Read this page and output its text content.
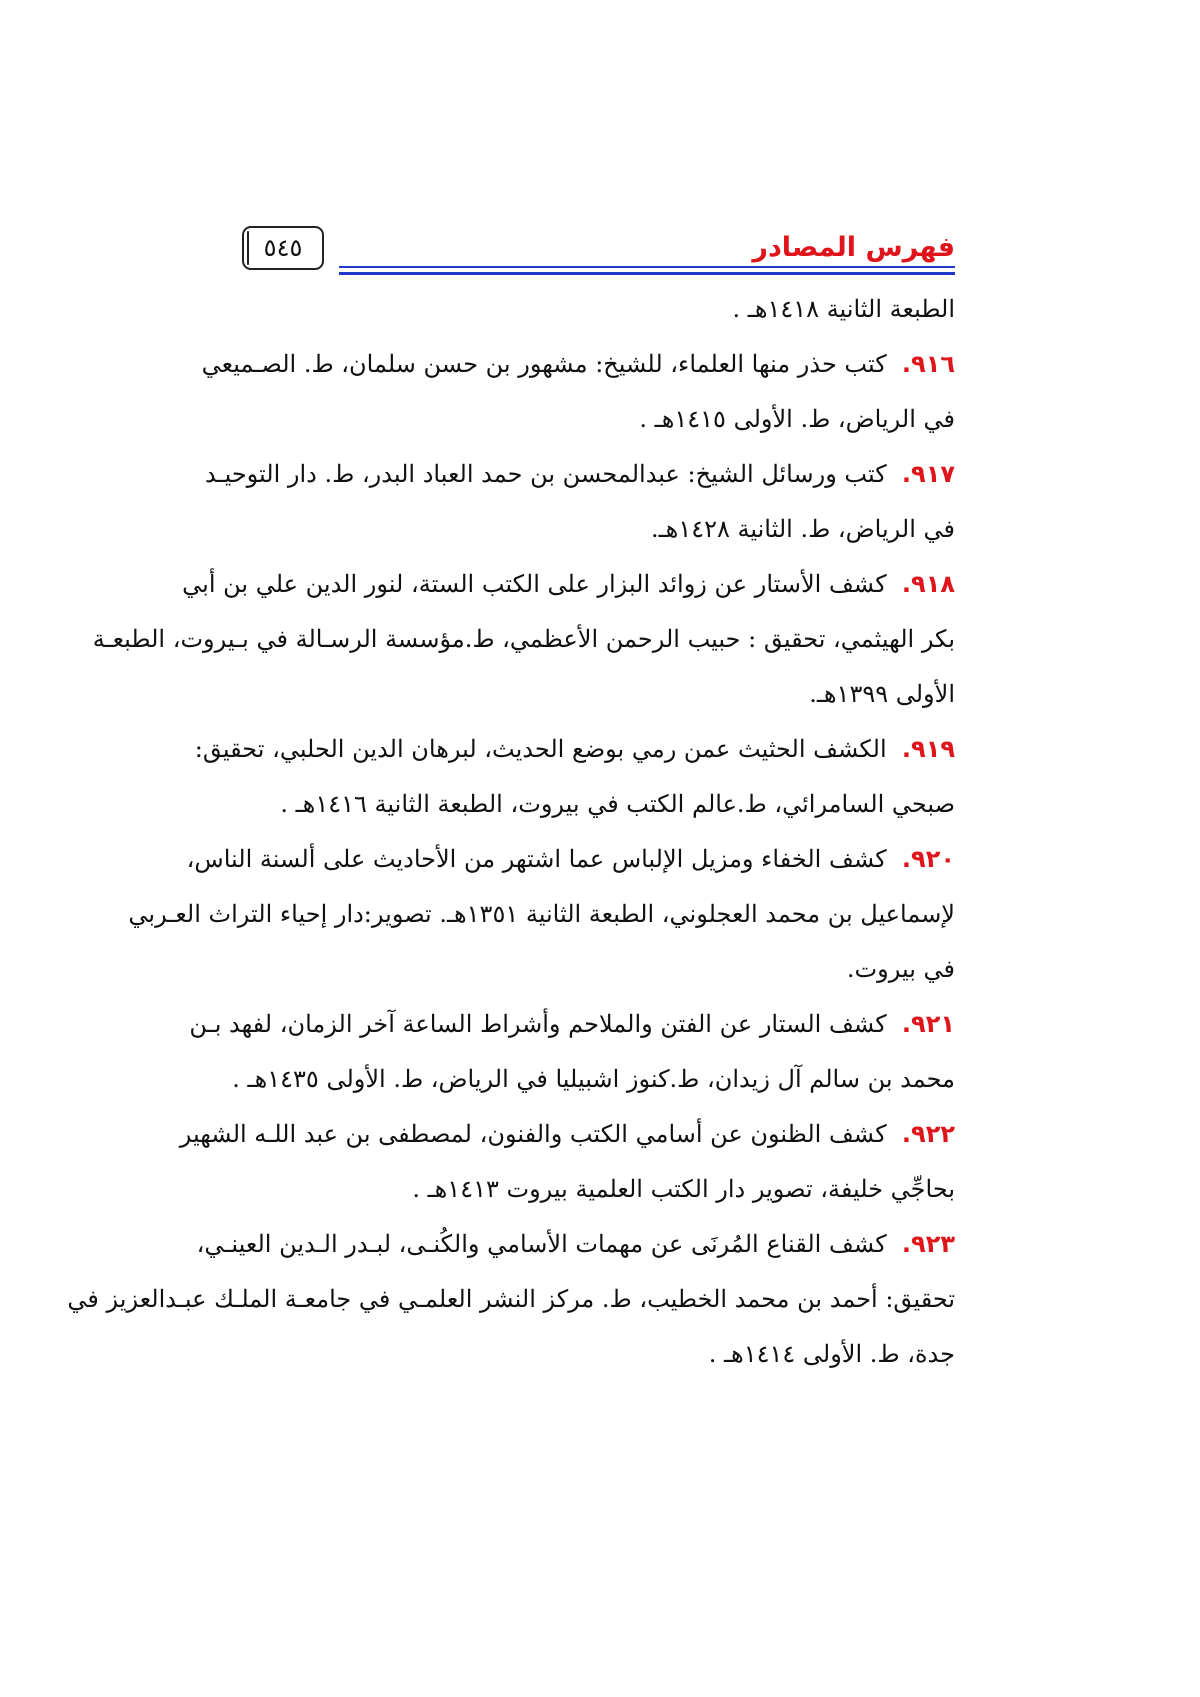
فهرس المصادر
٥٤٥
الطبعة الثانية ١٤١٨هـ .
٩١٦.  كتب حذر منها العلماء، للشيخ: مشهور بن حسن سلمان، ط. الصـميعي
في الرياض، ط. الأولى ١٤١٥هـ .
٩١٧.  كتب ورسائل الشيخ: عبدالمحسن بن حمد العباد البدر، ط. دار التوحيـد
في الرياض، ط. الثانية ١٤٢٨هـ.
٩١٨.  كشف الأستار عن زوائد البزار على الكتب الستة، لنور الدين علي بن أبي
بكر الهيثمي، تحقيق : حبيب الرحمن الأعظمي، ط.مؤسسة الرسـالة في بـيروت، الطبعـة
الأولى ١٣٩٩هـ.
٩١٩.  الكشف الحثيث عمن رمي بوضع الحديث، لبرهان الدين الحلبي، تحقيق:
صبحي السامرائي، ط.عالم الكتب في بيروت، الطبعة الثانية ١٤١٦هـ .
٩٢٠.  كشف الخفاء ومزيل الإلباس عما اشتهر من الأحاديث على ألسنة الناس،
لإسماعيل بن محمد العجلوني، الطبعة الثانية ١٣٥١هـ. تصوير:دار إحياء التراث العـربي
في بيروت.
٩٢١.  كشف الستار عن الفتن والملاحم وأشراط الساعة آخر الزمان، لفهد بـن
محمد بن سالم آل زيدان، ط.كنوز اشبيليا في الرياض، ط. الأولى ١٤٣٥هـ .
٩٢٢.  كشف الظنون عن أسامي الكتب والفنون، لمصطفى بن عبد اللـه الشهير
بحاجِّي خليفة، تصوير دار الكتب العلمية بيروت ١٤١٣هـ .
٩٢٣.  كشف القناع المُرنَى عن مهمات الأسامي والكُنـى، لبـدر الـدين العينـي،
تحقيق: أحمد بن محمد الخطيب، ط. مركز النشر العلمـي في جامعـة الملـك عبـدالعزيز في
جدة، ط. الأولى ١٤١٤هـ .
